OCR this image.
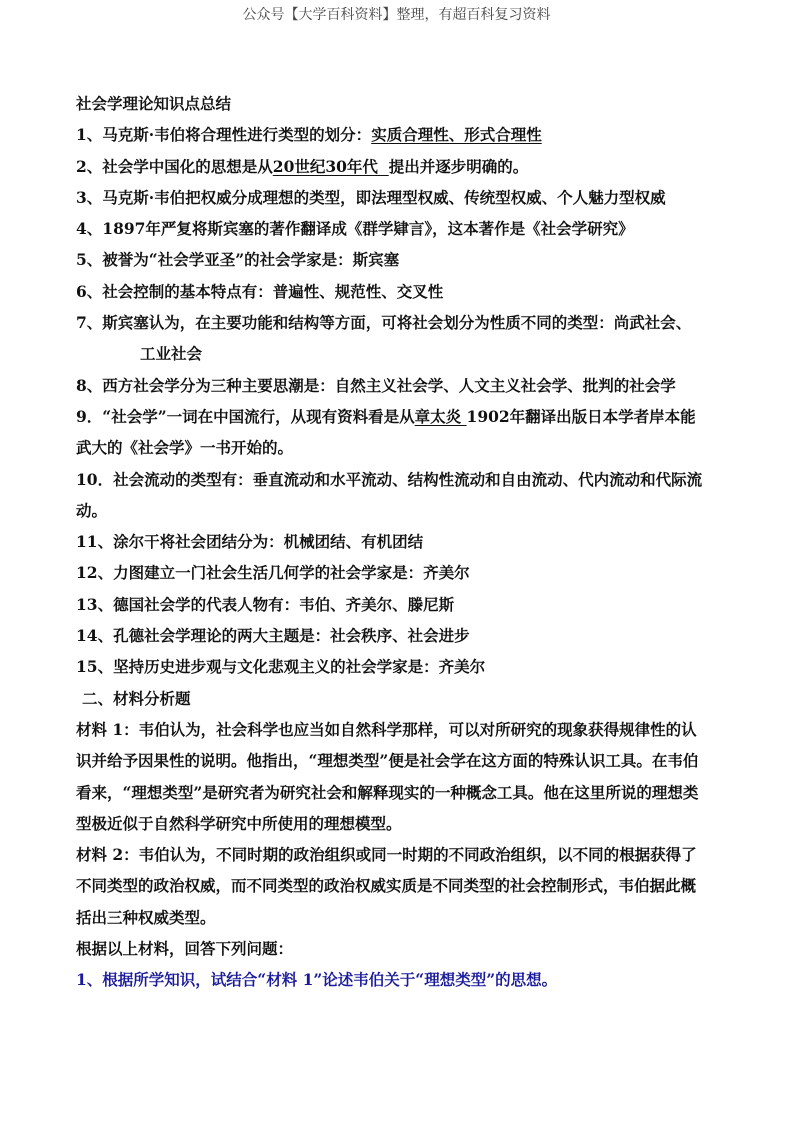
公众号【大学百科资料】整理，有超百科复习资料
社会学理论知识点总结
1、马克斯·韦伯将合理性进行类型的划分：实质合理性、形式合理性
2、社会学中国化的思想是从20世纪30年代  提出并逐步明确的。
3、马克斯·韦伯把权威分成理想的类型，即法理型权威、传统型权威、个人魅力型权威
4、1897年严复将斯宾塞的著作翻译成《群学肄言》，这本著作是《社会学研究》
5、被誉为“社会学亚圣”的社会学家是：斯宾塞
6、社会控制的基本特点有：普遍性、规范性、交叉性
7、斯宾塞认为，在主要功能和结构等方面，可将社会划分为性质不同的类型：尚武社会、
工业社会
8、西方社会学分为三种主要思潮是：自然主义社会学、人文主义社会学、批判的社会学
9．“社会学”一词在中国流行，从现有资料看是从章太炎 1902年翻译出版日本学者岸本能
武大的《社会学》一书开始的。
10．社会流动的类型有：垂直流动和水平流动、结构性流动和自由流动、代内流动和代际流
动。
11、涂尔干将社会团结分为：机械团结、有机团结
12、力图建立一门社会生活几何学的社会学家是：齐美尔
13、德国社会学的代表人物有：韦伯、齐美尔、滕尼斯
14、孔德社会学理论的两大主题是：社会秩序、社会进步
15、坚持历史进步观与文化悲观主义的社会学家是：齐美尔
二、材料分析题
材料 1：韦伯认为，社会科学也应当如自然科学那样，可以对所研究的现象获得规律性的认
识并给予因果性的说明。他指出，“理想类型”便是社会学在这方面的特殊认识工具。在韦伯
看来，“理想类型”是研究者为研究社会和解释现实的一种概念工具。他在这里所说的理想类
型极近似于自然科学研究中所使用的理想模型。
材料 2：韦伯认为，不同时期的政治组织或同一时期的不同政治组织，以不同的根据获得了
不同类型的政治权威，而不同类型的政治权威实质是不同类型的社会控制形式，韦伯据此概
括出三种权威类型。
根据以上材料，回答下列问题：
1、根据所学知识，试结合“材料 1”论述韦伯关于“理想类型”的思想。
